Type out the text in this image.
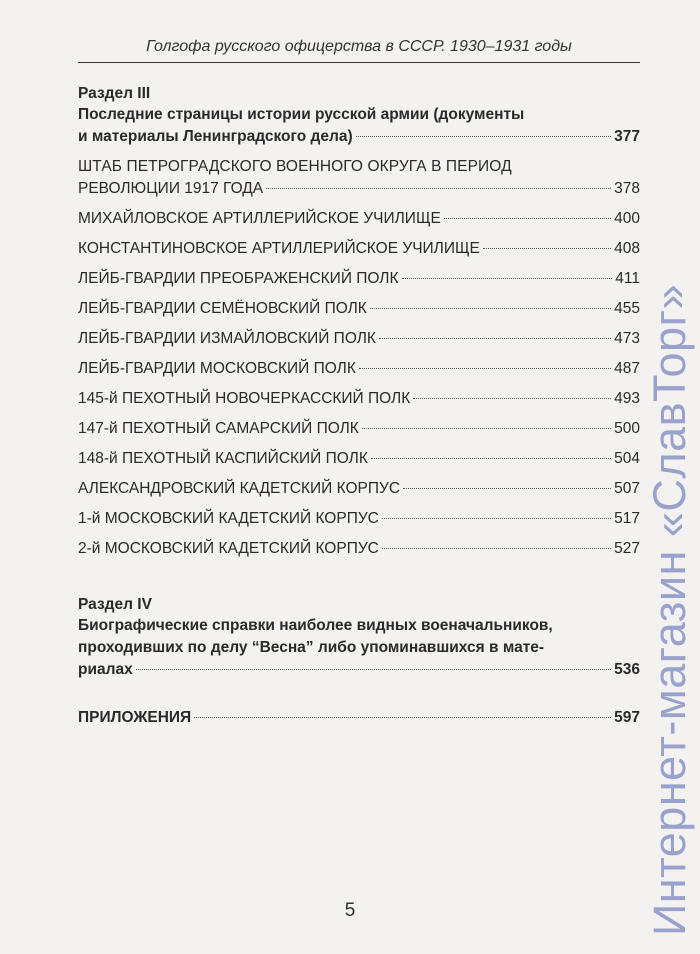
Голгофа русского офицерства в СССР. 1930–1931 годы
Раздел III
Последние страницы истории русской армии (документы
и материалы Ленинградского дела)	377
ШТАБ ПЕТРОГРАДСКОГО ВОЕННОГО ОКРУГА В ПЕРИОД
РЕВОЛЮЦИИ 1917 ГОДА	378
МИХАЙЛОВСКОЕ АРТИЛЛЕРИЙСКОЕ УЧИЛИЩЕ	400
КОНСТАНТИНОВСКОЕ АРТИЛЛЕРИЙСКОЕ УЧИЛИЩЕ	408
ЛЕЙБ-ГВАРДИИ ПРЕОБРАЖЕНСКИЙ ПОЛК	411
ЛЕЙБ-ГВАРДИИ СЕМЁНОВСКИЙ ПОЛК	455
ЛЕЙБ-ГВАРДИИ ИЗМАЙЛОВСКИЙ ПОЛК	473
ЛЕЙБ-ГВАРДИИ МОСКОВСКИЙ ПОЛК	487
145-й ПЕХОТНЫЙ НОВОЧЕРКАССКИЙ ПОЛК	493
147-й ПЕХОТНЫЙ САМАРСКИЙ ПОЛК	500
148-й ПЕХОТНЫЙ КАСПИЙСКИЙ ПОЛК	504
АЛЕКСАНДРОВСКИЙ КАДЕТСКИЙ КОРПУС	507
1-й МОСКОВСКИЙ КАДЕТСКИЙ КОРПУС	517
2-й МОСКОВСКИЙ КАДЕТСКИЙ КОРПУС	527
Раздел IV
Биографические справки наиболее видных военачальников,
проходивших по делу “Весна” либо упоминавшихся в мате-
риалах	536
ПРИЛОЖЕНИЯ	597
5	Интернет-магазин «СлавТорг»
